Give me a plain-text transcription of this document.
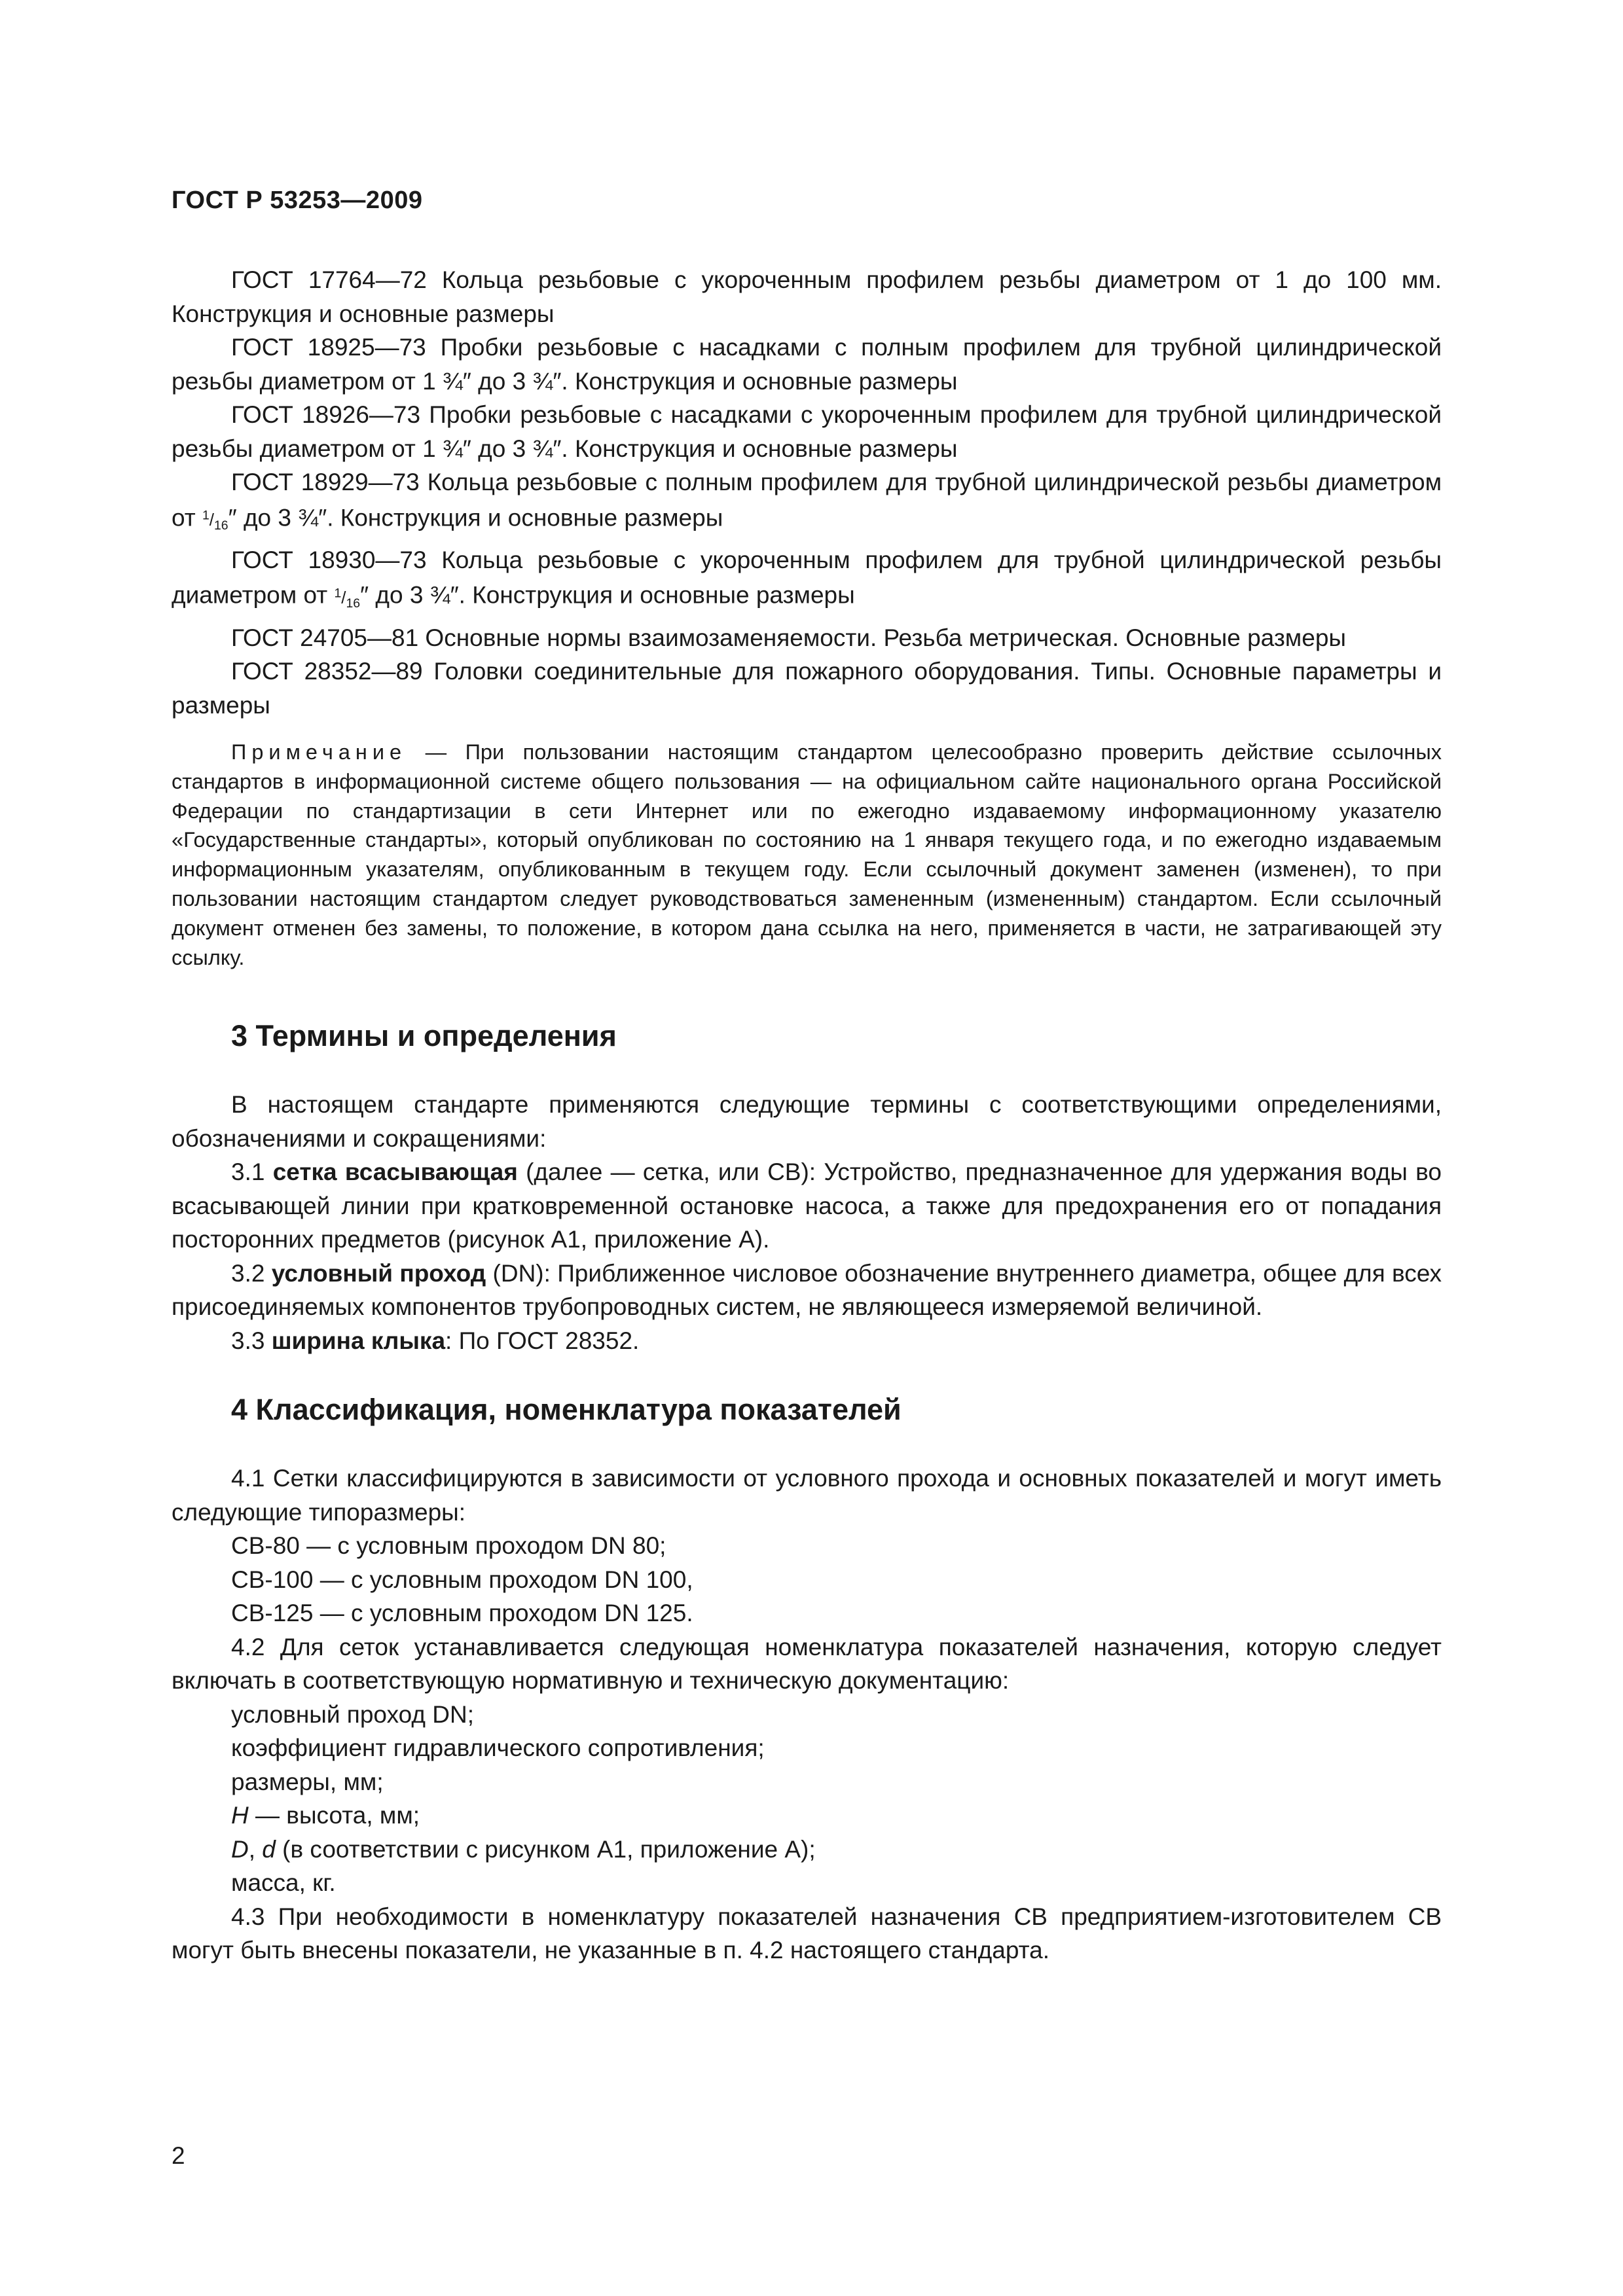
ГОСТ Р 53253—2009

ГОСТ 17764—72 Кольца резьбовые с укороченным профилем резьбы диаметром от 1 до 100 мм. Конструкция и основные размеры

ГОСТ 18925—73 Пробки резьбовые с насадками с полным профилем для трубной цилиндрической резьбы диаметром от 1 ¾″ до 3 ¾″. Конструкция и основные размеры

ГОСТ 18926—73 Пробки резьбовые с насадками с укороченным профилем для трубной цилиндрической резьбы диаметром от 1 ¾″ до 3 ¾″. Конструкция и основные размеры

ГОСТ 18929—73 Кольца резьбовые с полным профилем для трубной цилиндрической резьбы диаметром от $^1/_{16}''$ до 3 ¾″. Конструкция и основные размеры

ГОСТ 18930—73 Кольца резьбовые с укороченным профилем для трубной цилиндрической резьбы диаметром от $^1/_{16}''$ до 3 ¾″. Конструкция и основные размеры

ГОСТ 24705—81 Основные нормы взаимозаменяемости. Резьба метрическая. Основные размеры

ГОСТ 28352—89 Головки соединительные для пожарного оборудования. Типы. Основные параметры и размеры

Примечание — При пользовании настоящим стандартом целесообразно проверить действие ссылочных стандартов в информационной системе общего пользования — на официальном сайте национального органа Российской Федерации по стандартизации в сети Интернет или по ежегодно издаваемому информационному указателю «Государственные стандарты», который опубликован по состоянию на 1 января текущего года, и по ежегодно издаваемым информационным указателям, опубликованным в текущем году. Если ссылочный документ заменен (изменен), то при пользовании настоящим стандартом следует руководствоваться замененным (измененным) стандартом. Если ссылочный документ отменен без замены, то положение, в котором дана ссылка на него, применяется в части, не затрагивающей эту ссылку.
3 Термины и определения

В настоящем стандарте применяются следующие термины с соответствующими определениями, обозначениями и сокращениями:

3.1 сетка всасывающая (далее — сетка, или СВ): Устройство, предназначенное для удержания воды во всасывающей линии при кратковременной остановке насоса, а также для предохранения его от попадания посторонних предметов (рисунок А1, приложение А).

3.2 условный проход (DN): Приближенное числовое обозначение внутреннего диаметра, общее для всех присоединяемых компонентов трубопроводных систем, не являющееся измеряемой величиной.

3.3 ширина клыка: По ГОСТ 28352.

4 Классификация, номенклатура показателей

4.1 Сетки классифицируются в зависимости от условного прохода и основных показателей и могут иметь следующие типоразмеры:

СВ-80 — с условным проходом DN 80;

СВ-100 — с условным проходом DN 100,

СВ-125 — с условным проходом DN 125.

4.2 Для сеток устанавливается следующая номенклатура показателей назначения, которую следует включать в соответствующую нормативную и техническую документацию:

условный проход DN;

коэффициент гидравлического сопротивления;

размеры, мм;

H — высота, мм;

D, d (в соответствии с рисунком А1, приложение А);

масса, кг.

4.3 При необходимости в номенклатуру показателей назначения СВ предприятием-изготовителем СВ могут быть внесены показатели, не указанные в п. 4.2 настоящего стандарта.

2
